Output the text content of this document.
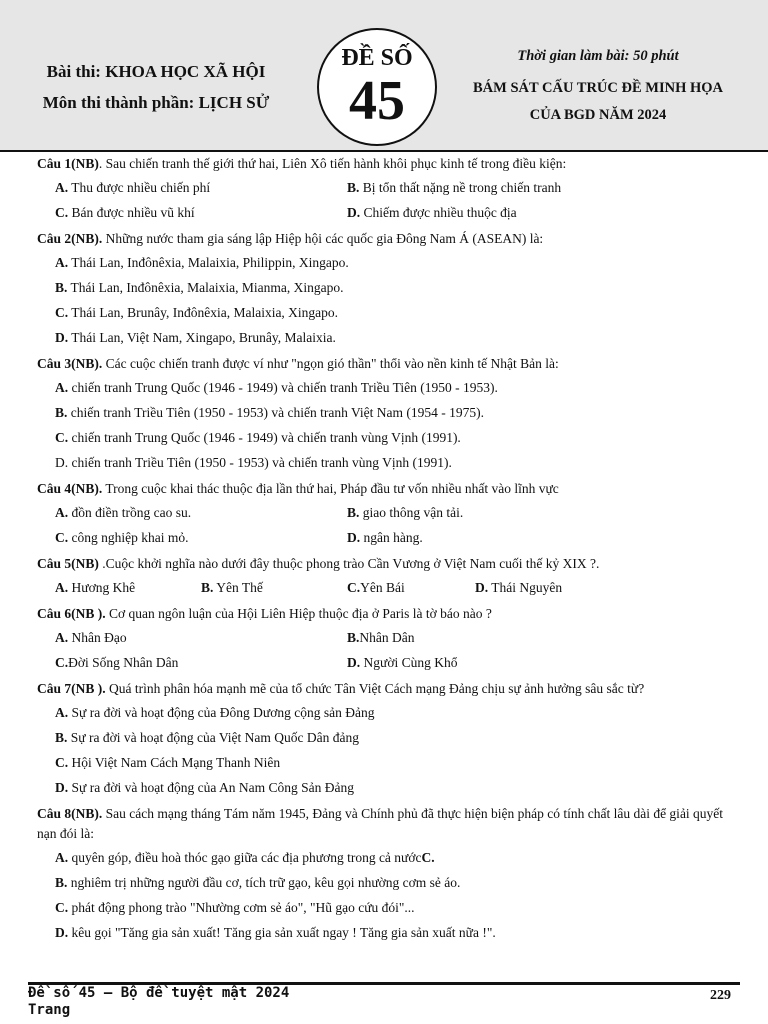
Bài thi: KHOA HỌC XÃ HỘI
Môn thi thành phần: LỊCH SỬ
ĐỀ SỐ
45
Thời gian làm bài: 50 phút
BÁM SÁT CẤU TRÚC ĐỀ MINH HỌA
CỦA BGD NĂM 2024
Câu 1(NB). Sau chiến tranh thế giới thứ hai, Liên Xô tiến hành khôi phục kinh tế trong điều kiện:
A. Thu được nhiều chiến phí	B. Bị tổn thất nặng nề trong chiến tranh
C. Bán được nhiều vũ khí	D. Chiếm được nhiều thuộc địa
Câu 2(NB). Những nước tham gia sáng lập Hiệp hội các quốc gia Đông Nam Á (ASEAN) là:
A. Thái Lan, Inđônêxia, Malaixia, Philippin, Xingapo.
B. Thái Lan, Inđônêxia, Malaixia, Mianma, Xingapo.
C. Thái Lan, Brunây, Inđônêxia, Malaixia, Xingapo.
D. Thái Lan, Việt Nam, Xingapo, Brunây, Malaixia.
Câu 3(NB). Các cuộc chiến tranh được ví như "ngọn gió thần" thổi vào nền kinh tế Nhật Bản là:
A. chiến tranh Trung Quốc (1946 - 1949) và chiến tranh Triều Tiên (1950 - 1953).
B. chiến tranh Triều Tiên (1950 - 1953) và chiến tranh Việt Nam (1954 - 1975).
C. chiến tranh Trung Quốc (1946 - 1949) và chiến tranh vùng Vịnh (1991).
D. chiến tranh Triều Tiên (1950 - 1953) và chiến tranh vùng Vịnh (1991).
Câu 4(NB). Trong cuộc khai thác thuộc địa lần thứ hai, Pháp đầu tư vốn nhiều nhất vào lĩnh vực
A. đồn điền trồng cao su.	B. giao thông vận tải.
C. công nghiệp khai mỏ.	D. ngân hàng.
Câu 5(NB) .Cuộc khởi nghĩa nào dưới đây thuộc phong trào Cần Vương ở Việt Nam cuối thế kỷ XIX ?.
A. Hương Khê	B. Yên Thế	C.Yên Bái	D. Thái Nguyên
Câu 6(NB ). Cơ quan ngôn luận của Hội Liên Hiệp thuộc địa ở Paris là tờ báo nào ?
A. Nhân Đạo	B.Nhân Dân
C.Đời Sống Nhân Dân	D. Người Cùng Khổ
Câu 7(NB ). Quá trình phân hóa mạnh mẽ của tổ chức Tân Việt Cách mạng Đảng chịu sự ảnh hưởng sâu sắc từ?
A. Sự ra đời và hoạt động của Đông Dương cộng sản Đảng
B. Sự ra đời và hoạt động của Việt Nam Quốc Dân đảng
C. Hội Việt Nam Cách Mạng Thanh Niên
D. Sự ra đời và hoạt động của An Nam Công Sản Đảng
Câu 8(NB). Sau cách mạng tháng Tám năm 1945, Đảng và Chính phủ đã thực hiện biện pháp có tính chất lâu dài để giải quyết nạn đói là:
A. quyên góp, điều hoà thóc gạo giữa các địa phương trong cả nướcC.
B. nghiêm trị những người đầu cơ, tích trữ gạo, kêu gọi nhường cơm sẻ áo.
C. phát động phong trào "Nhường cơm sẻ áo", "Hũ gạo cứu đói"...
D. kêu gọi "Tăng gia sản xuất! Tăng gia sản xuất ngay ! Tăng gia sản xuất nữa !".
Đề số 45 – Bộ đề tuyệt mật 2024
Trang
229
